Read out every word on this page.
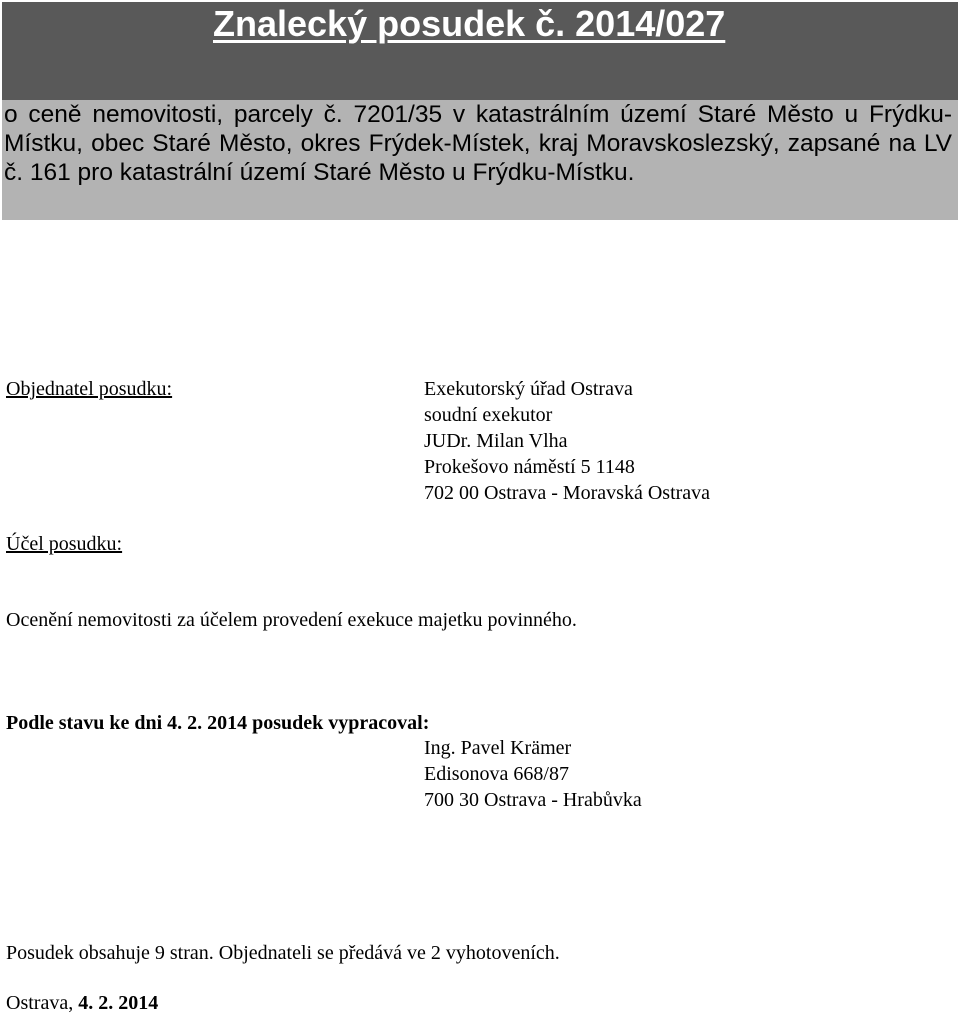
Znalecký posudek č. 2014/027

o ceně nemovitosti, parcely č. 7201/35 v katastrálním území Staré Město u Frýdku-Místku, obec Staré Město, okres Frýdek-Místek, kraj Moravskoslezský, zapsané na LV č. 161 pro katastrální území Staré Město u Frýdku-Místku.

Objednatel posudku:	Exekutorský úřad Ostrava
soudní exekutor
JUDr. Milan Vlha
Prokešovo náměstí 5 1148
702 00 Ostrava - Moravská Ostrava
Účel posudku:
Ocenění nemovitosti za účelem provedení exekuce majetku povinného.
Podle stavu ke dni 4. 2. 2014 posudek vypracoval:
Ing. Pavel Krämer
Edisonova 668/87
700 30 Ostrava - Hrabůvka
Posudek obsahuje 9 stran. Objednateli se předává ve 2 vyhotoveních.
Ostrava, 4. 2. 2014
